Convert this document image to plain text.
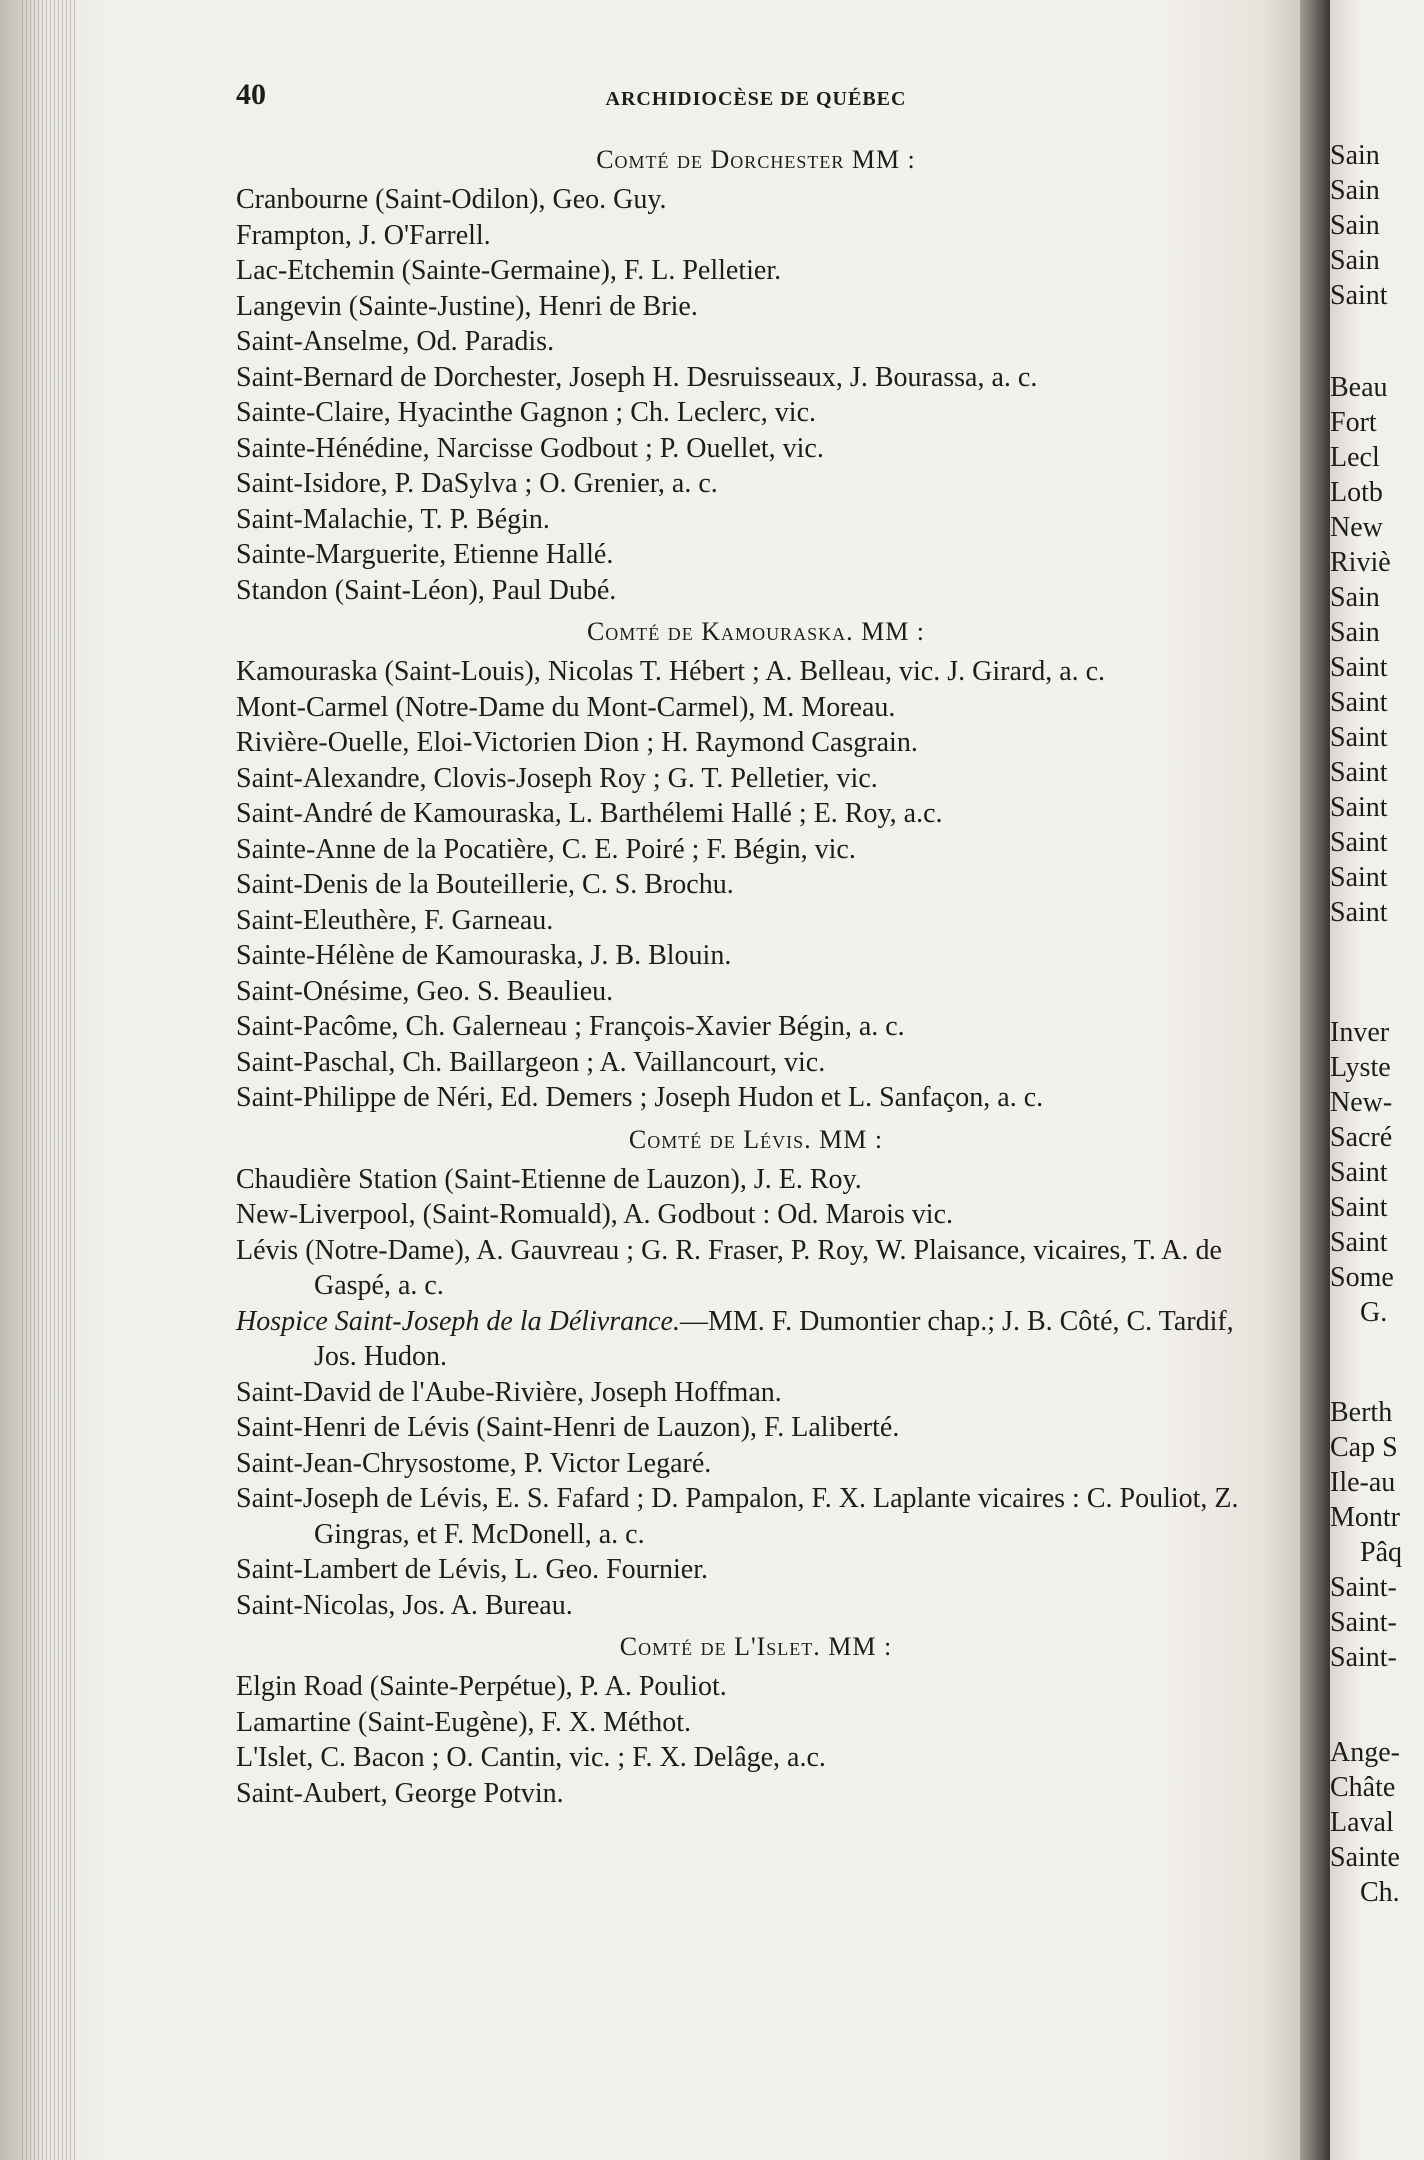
40	ARCHIDIOCÈSE DE QUÉBEC
Comté de Dorchester MM :
Cranbourne (Saint-Odilon), Geo. Guy.
Frampton, J. O'Farrell.
Lac-Etchemin (Sainte-Germaine), F. L. Pelletier.
Langevin (Sainte-Justine), Henri de Brie.
Saint-Anselme, Od. Paradis.
Saint-Bernard de Dorchester, Joseph H. Desruisseaux, J. Bourassa, a. c.
Sainte-Claire, Hyacinthe Gagnon ; Ch. Leclerc, vic.
Sainte-Hénédine, Narcisse Godbout ; P. Ouellet, vic.
Saint-Isidore, P. DaSylva ; O. Grenier, a. c.
Saint-Malachie, T. P. Bégin.
Sainte-Marguerite, Etienne Hallé.
Standon (Saint-Léon), Paul Dubé.
Comté de Kamouraska. MM :
Kamouraska (Saint-Louis), Nicolas T. Hébert ; A. Belleau, vic. J. Girard, a. c.
Mont-Carmel (Notre-Dame du Mont-Carmel), M. Moreau.
Rivière-Ouelle, Eloi-Victorien Dion ; H. Raymond Casgrain.
Saint-Alexandre, Clovis-Joseph Roy ; G. T. Pelletier, vic.
Saint-André de Kamouraska, L. Barthélemi Hallé ; E. Roy, a.c.
Sainte-Anne de la Pocatière, C. E. Poiré ; F. Bégin, vic.
Saint-Denis de la Bouteillerie, C. S. Brochu.
Saint-Eleuthère, F. Garneau.
Sainte-Hélène de Kamouraska, J. B. Blouin.
Saint-Onésime, Geo. S. Beaulieu.
Saint-Pacôme, Ch. Galerneau ; François-Xavier Bégin, a. c.
Saint-Paschal, Ch. Baillargeon ; A. Vaillancourt, vic.
Saint-Philippe de Néri, Ed. Demers ; Joseph Hudon et L. Sanfaçon, a. c.
Comté de Lévis. MM :
Chaudière Station (Saint-Etienne de Lauzon), J. E. Roy.
New-Liverpool, (Saint-Romuald), A. Godbout : Od. Marois vic.
Lévis (Notre-Dame), A. Gauvreau ; G. R. Fraser, P. Roy, W. Plaisance, vicaires, T. A. de Gaspé, a. c.
Hospice Saint-Joseph de la Délivrance.—MM. F. Dumontier chap.; J. B. Côté, C. Tardif, Jos. Hudon.
Saint-David de l'Aube-Rivière, Joseph Hoffman.
Saint-Henri de Lévis (Saint-Henri de Lauzon), F. Laliberté.
Saint-Jean-Chrysostome, P. Victor Legaré.
Saint-Joseph de Lévis, E. S. Fafard ; D. Pampalon, F. X. Laplante vicaires : C. Pouliot, Z. Gingras, et F. McDonell, a. c.
Saint-Lambert de Lévis, L. Geo. Fournier.
Saint-Nicolas, Jos. A. Bureau.
Comté de L'Islet. MM :
Elgin Road (Sainte-Perpétue), P. A. Pouliot.
Lamartine (Saint-Eugène), F. X. Méthot.
L'Islet, C. Bacon ; O. Cantin, vic. ; F. X. Delâge, a.c.
Saint-Aubert, George Potvin.
Sain
Sain
Sain
Sain
Saint
Beau
Fort
Lecl
Lotb
New
Riviè
Sain
Sain
Saint
Saint
Saint
Saint
Saint
Saint
Saint
Saint
Inver
Lyste
New-
Sacré
Saint
Saint
Saint
Some
G.
Berth
Cap S
Ile-au
Montr
Pâq
Saint-
Saint-
Saint-
Ange-
Châte
Laval
Sainte
Ch.
